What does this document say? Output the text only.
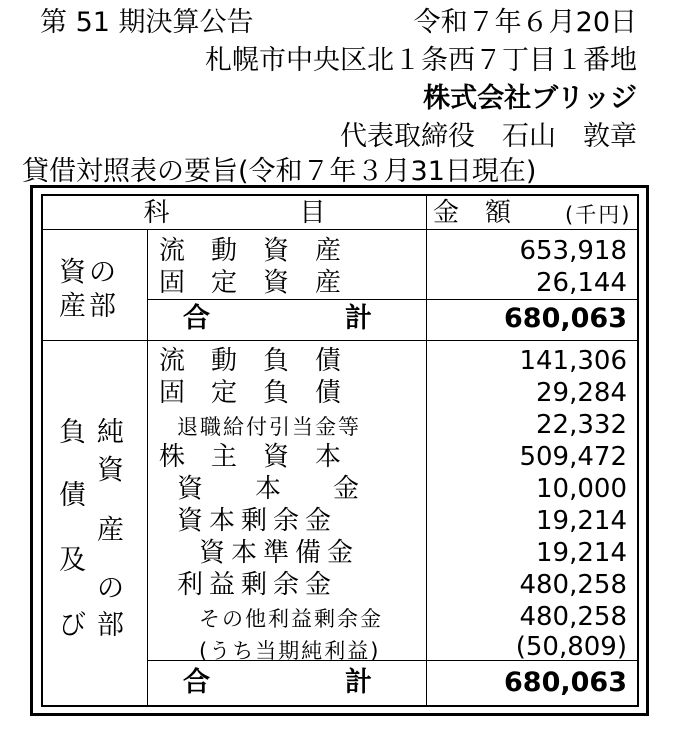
第 51 期決算公告	令和７年６月20日
札幌市中央区北１条西７丁目１番地
株式会社ブリッジ
代表取締役　石山　敦章
貸借対照表の要旨(令和７年３月31日現在)
科　　　　　目	金　額	(千円)
資の
産部
流　動　資　産	653,918
固　定　資　産	26,144
合　　　　　計	680,063
負
債
及
び
純
資
産
の
部
流　動　負　債	141,306
固　定　負　債	29,284
退職給付引当金等	22,332
株　主　資　本	509,472
資　　本　　金	10,000
資本剰余金	19,214
資本準備金	19,214
利益剰余金	480,258
その他利益剰余金	480,258
(うち当期純利益)	(50,809)
合　　　　　計	680,063
